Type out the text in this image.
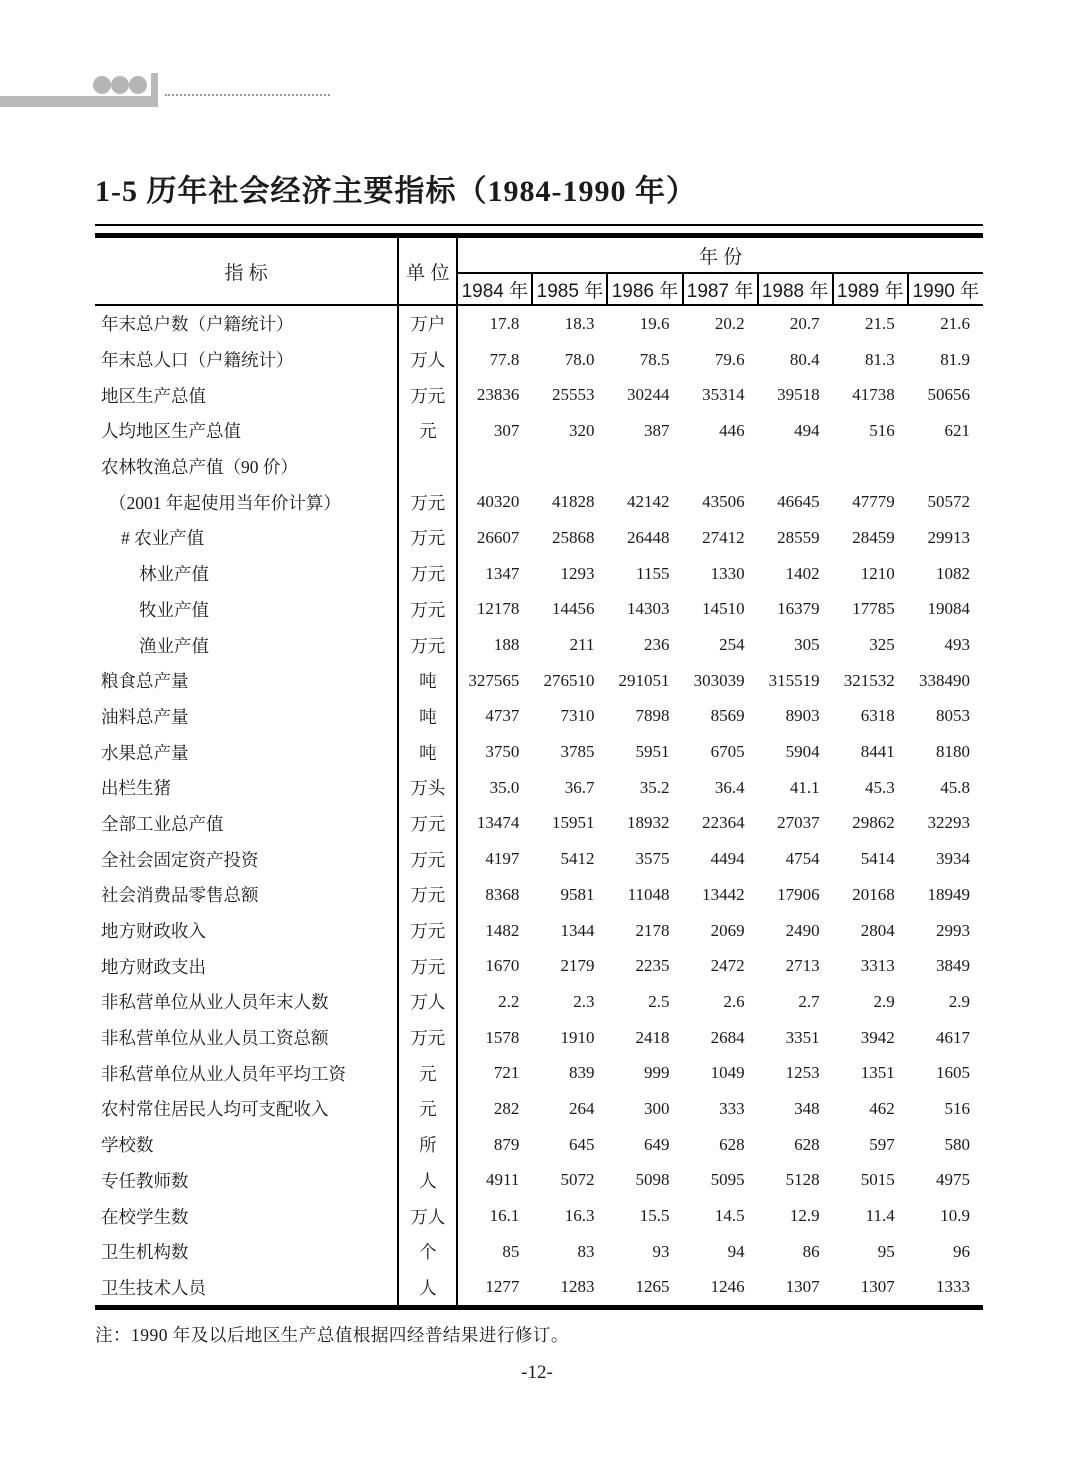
1-5 历年社会经济主要指标（1984-1990 年）
指 标	单 位	年 份						
		1984 年	1985 年	1986 年	1987 年	1988 年	1989 年	1990 年
年末总户数（户籍统计）	万户	17.8	18.3	19.6	20.2	20.7	21.5	21.6
年末总人口（户籍统计）	万人	77.8	78.0	78.5	79.6	80.4	81.3	81.9
地区生产总值	万元	23836	25553	30244	35314	39518	41738	50656
人均地区生产总值	元	307	320	387	446	494	516	621
农林牧渔总产值（90 价）								
（2001 年起使用当年价计算）	万元	40320	41828	42142	43506	46645	47779	50572
# 农业产值	万元	26607	25868	26448	27412	28559	28459	29913
林业产值	万元	1347	1293	1155	1330	1402	1210	1082
牧业产值	万元	12178	14456	14303	14510	16379	17785	19084
渔业产值	万元	188	211	236	254	305	325	493
粮食总产量	吨	327565	276510	291051	303039	315519	321532	338490
油料总产量	吨	4737	7310	7898	8569	8903	6318	8053
水果总产量	吨	3750	3785	5951	6705	5904	8441	8180
出栏生猪	万头	35.0	36.7	35.2	36.4	41.1	45.3	45.8
全部工业总产值	万元	13474	15951	18932	22364	27037	29862	32293
全社会固定资产投资	万元	4197	5412	3575	4494	4754	5414	3934
社会消费品零售总额	万元	8368	9581	11048	13442	17906	20168	18949
地方财政收入	万元	1482	1344	2178	2069	2490	2804	2993
地方财政支出	万元	1670	2179	2235	2472	2713	3313	3849
非私营单位从业人员年末人数	万人	2.2	2.3	2.5	2.6	2.7	2.9	2.9
非私营单位从业人员工资总额	万元	1578	1910	2418	2684	3351	3942	4617
非私营单位从业人员年平均工资	元	721	839	999	1049	1253	1351	1605
农村常住居民人均可支配收入	元	282	264	300	333	348	462	516
学校数	所	879	645	649	628	628	597	580
专任教师数	人	4911	5072	5098	5095	5128	5015	4975
在校学生数	万人	16.1	16.3	15.5	14.5	12.9	11.4	10.9
卫生机构数	个	85	83	93	94	86	95	96
卫生技术人员	人	1277	1283	1265	1246	1307	1307	1333
注：1990 年及以后地区生产总值根据四经普结果进行修订。
-12-
